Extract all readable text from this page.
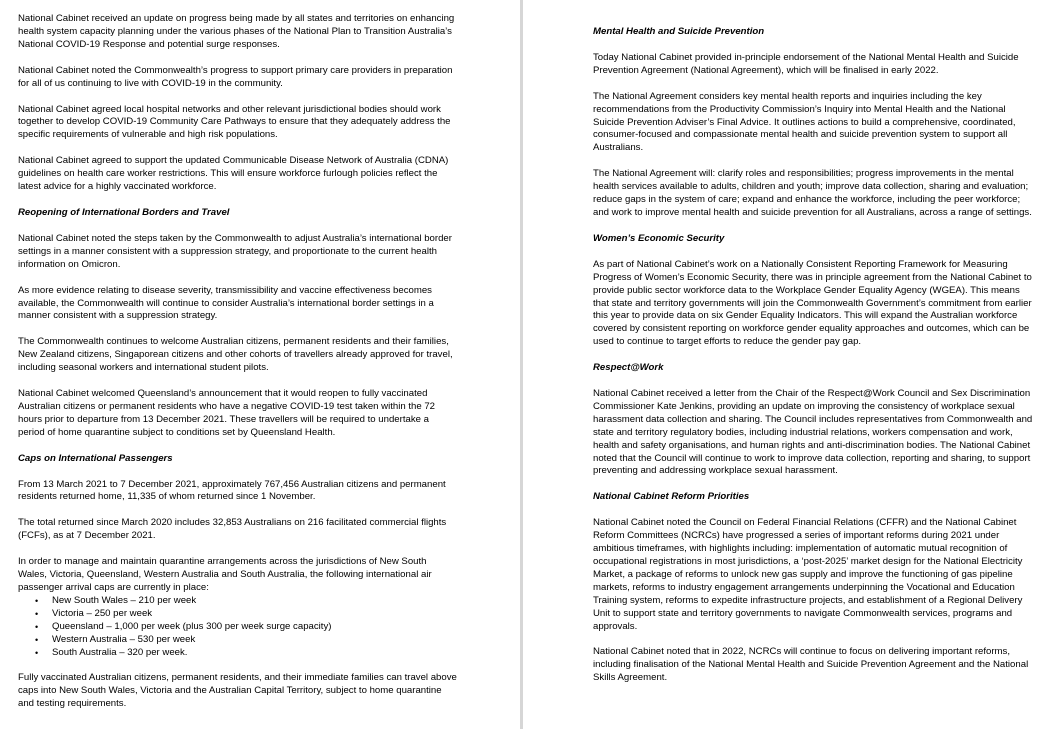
National Cabinet received an update on progress being made by all states and territories on enhancing health system capacity planning under the various phases of the National Plan to Transition Australia’s National COVID-19 Response and potential surge responses.

National Cabinet noted the Commonwealth’s progress to support primary care providers in preparation for all of us continuing to live with COVID-19 in the community.

National Cabinet agreed local hospital networks and other relevant jurisdictional bodies should work together to develop COVID-19 Community Care Pathways to ensure that they adequately address the specific requirements of vulnerable and high risk populations.

National Cabinet agreed to support the updated Communicable Disease Network of Australia (CDNA) guidelines on health care worker restrictions. This will ensure workforce furlough policies reflect the latest advice for a highly vaccinated workforce.

Reopening of International Borders and Travel

National Cabinet noted the steps taken by the Commonwealth to adjust Australia’s international border settings in a manner consistent with a suppression strategy, and proportionate to the current health information on Omicron.

As more evidence relating to disease severity, transmissibility and vaccine effectiveness becomes available, the Commonwealth will continue to consider Australia’s international border settings in a manner consistent with a suppression strategy.

The Commonwealth continues to welcome Australian citizens, permanent residents and their families, New Zealand citizens, Singaporean citizens and other cohorts of travellers already approved for travel, including seasonal workers and international student pilots.

National Cabinet welcomed Queensland’s announcement that it would reopen to fully vaccinated Australian citizens or permanent residents who have a negative COVID-19 test taken within the 72 hours prior to departure from 13 December 2021. These travellers will be required to undertake a period of home quarantine subject to conditions set by Queensland Health.

Caps on International Passengers

From 13 March 2021 to 7 December 2021, approximately 767,456 Australian citizens and permanent residents returned home, 11,335 of whom returned since 1 November.

The total returned since March 2020 includes 32,853 Australians on 216 facilitated commercial flights (FCFs), as at 7 December 2021.

In order to manage and maintain quarantine arrangements across the jurisdictions of New South Wales, Victoria, Queensland, Western Australia and South Australia, the following international air passenger arrival caps are currently in place:

• New South Wales – 210 per week
• Victoria – 250 per week
• Queensland – 1,000 per week (plus 300 per week surge capacity)
• Western Australia – 530 per week
• South Australia – 320 per week.

Fully vaccinated Australian citizens, permanent residents, and their immediate families can travel above caps into New South Wales, Victoria and the Australian Capital Territory, subject to home quarantine and testing requirements.

Mental Health and Suicide Prevention

Today National Cabinet provided in-principle endorsement of the National Mental Health and Suicide Prevention Agreement (National Agreement), which will be finalised in early 2022.

The National Agreement considers key mental health reports and inquiries including the key recommendations from the Productivity Commission’s Inquiry into Mental Health and the National Suicide Prevention Adviser’s Final Advice. It outlines actions to build a comprehensive, coordinated, consumer-focused and compassionate mental health and suicide prevention system to support all Australians.

The National Agreement will: clarify roles and responsibilities; progress improvements in the mental health services available to adults, children and youth; improve data collection, sharing and evaluation; reduce gaps in the system of care; expand and enhance the workforce, including the peer workforce; and work to improve mental health and suicide prevention for all Australians, across a range of settings.

Women’s Economic Security

As part of National Cabinet’s work on a Nationally Consistent Reporting Framework for Measuring Progress of Women’s Economic Security, there was in principle agreement from the National Cabinet to provide public sector workforce data to the Workplace Gender Equality Agency (WGEA). This means that state and territory governments will join the Commonwealth Government’s commitment from earlier this year to provide data on six Gender Equality Indicators. This will expand the Australian workforce covered by consistent reporting on workforce gender equality approaches and outcomes, which can be used to continue to target efforts to reduce the gender pay gap.

Respect@Work

National Cabinet received a letter from the Chair of the Respect@Work Council and Sex Discrimination Commissioner Kate Jenkins, providing an update on improving the consistency of workplace sexual harassment data collection and sharing. The Council includes representatives from Commonwealth and state and territory regulatory bodies, including industrial relations, workers compensation and work, health and safety organisations, and human rights and anti-discrimination bodies. The National Cabinet noted that the Council will continue to work to improve data collection, reporting and sharing, to support preventing and addressing workplace sexual harassment.

National Cabinet Reform Priorities

National Cabinet noted the Council on Federal Financial Relations (CFFR) and the National Cabinet Reform Committees (NCRCs) have progressed a series of important reforms during 2021 under ambitious timeframes, with highlights including: implementation of automatic mutual recognition of occupational registrations in most jurisdictions, a ‘post-2025’ market design for the National Electricity Market, a package of reforms to unlock new gas supply and improve the functioning of gas pipeline markets, reforms to industry engagement arrangements underpinning the Vocational and Education Training system, reforms to expedite infrastructure projects, and establishment of a Regional Delivery Unit to support state and territory governments to navigate Commonwealth services, programs and approvals.

National Cabinet noted that in 2022, NCRCs will continue to focus on delivering important reforms, including finalisation of the National Mental Health and Suicide Prevention Agreement and the National Skills Agreement.
